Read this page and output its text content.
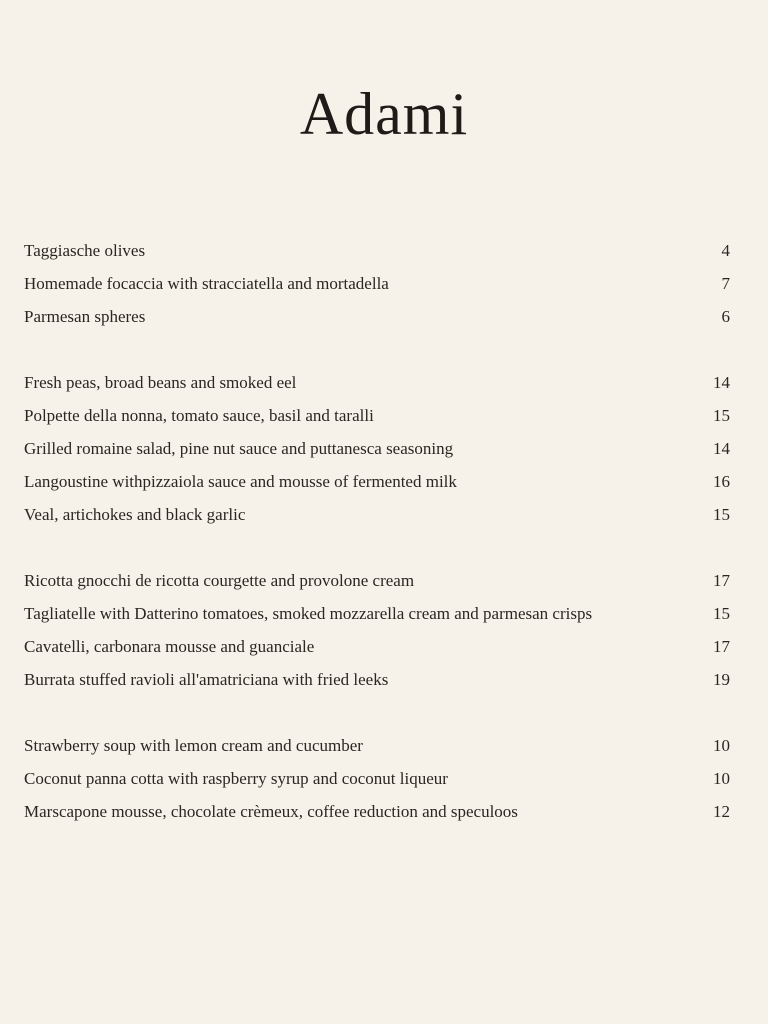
Adami
Taggiasche olives	4
Homemade focaccia with stracciatella and mortadella	7
Parmesan spheres	6
Fresh peas, broad beans and smoked eel	14
Polpette della nonna, tomato sauce, basil and taralli	15
Grilled romaine salad, pine nut sauce and puttanesca seasoning	14
Langoustine withpizzaiola sauce and mousse of fermented milk	16
Veal, artichokes and black garlic	15
Ricotta gnocchi de ricotta courgette and provolone cream	17
Tagliatelle with Datterino tomatoes, smoked mozzarella cream and parmesan crisps	15
Cavatelli, carbonara mousse and guanciale	17
Burrata stuffed ravioli all'amatriciana with fried leeks	19
Strawberry soup with lemon cream and cucumber	10
Coconut panna cotta with raspberry syrup and coconut liqueur	10
Marscapone mousse, chocolate crèmeux, coffee reduction and speculoos	12
